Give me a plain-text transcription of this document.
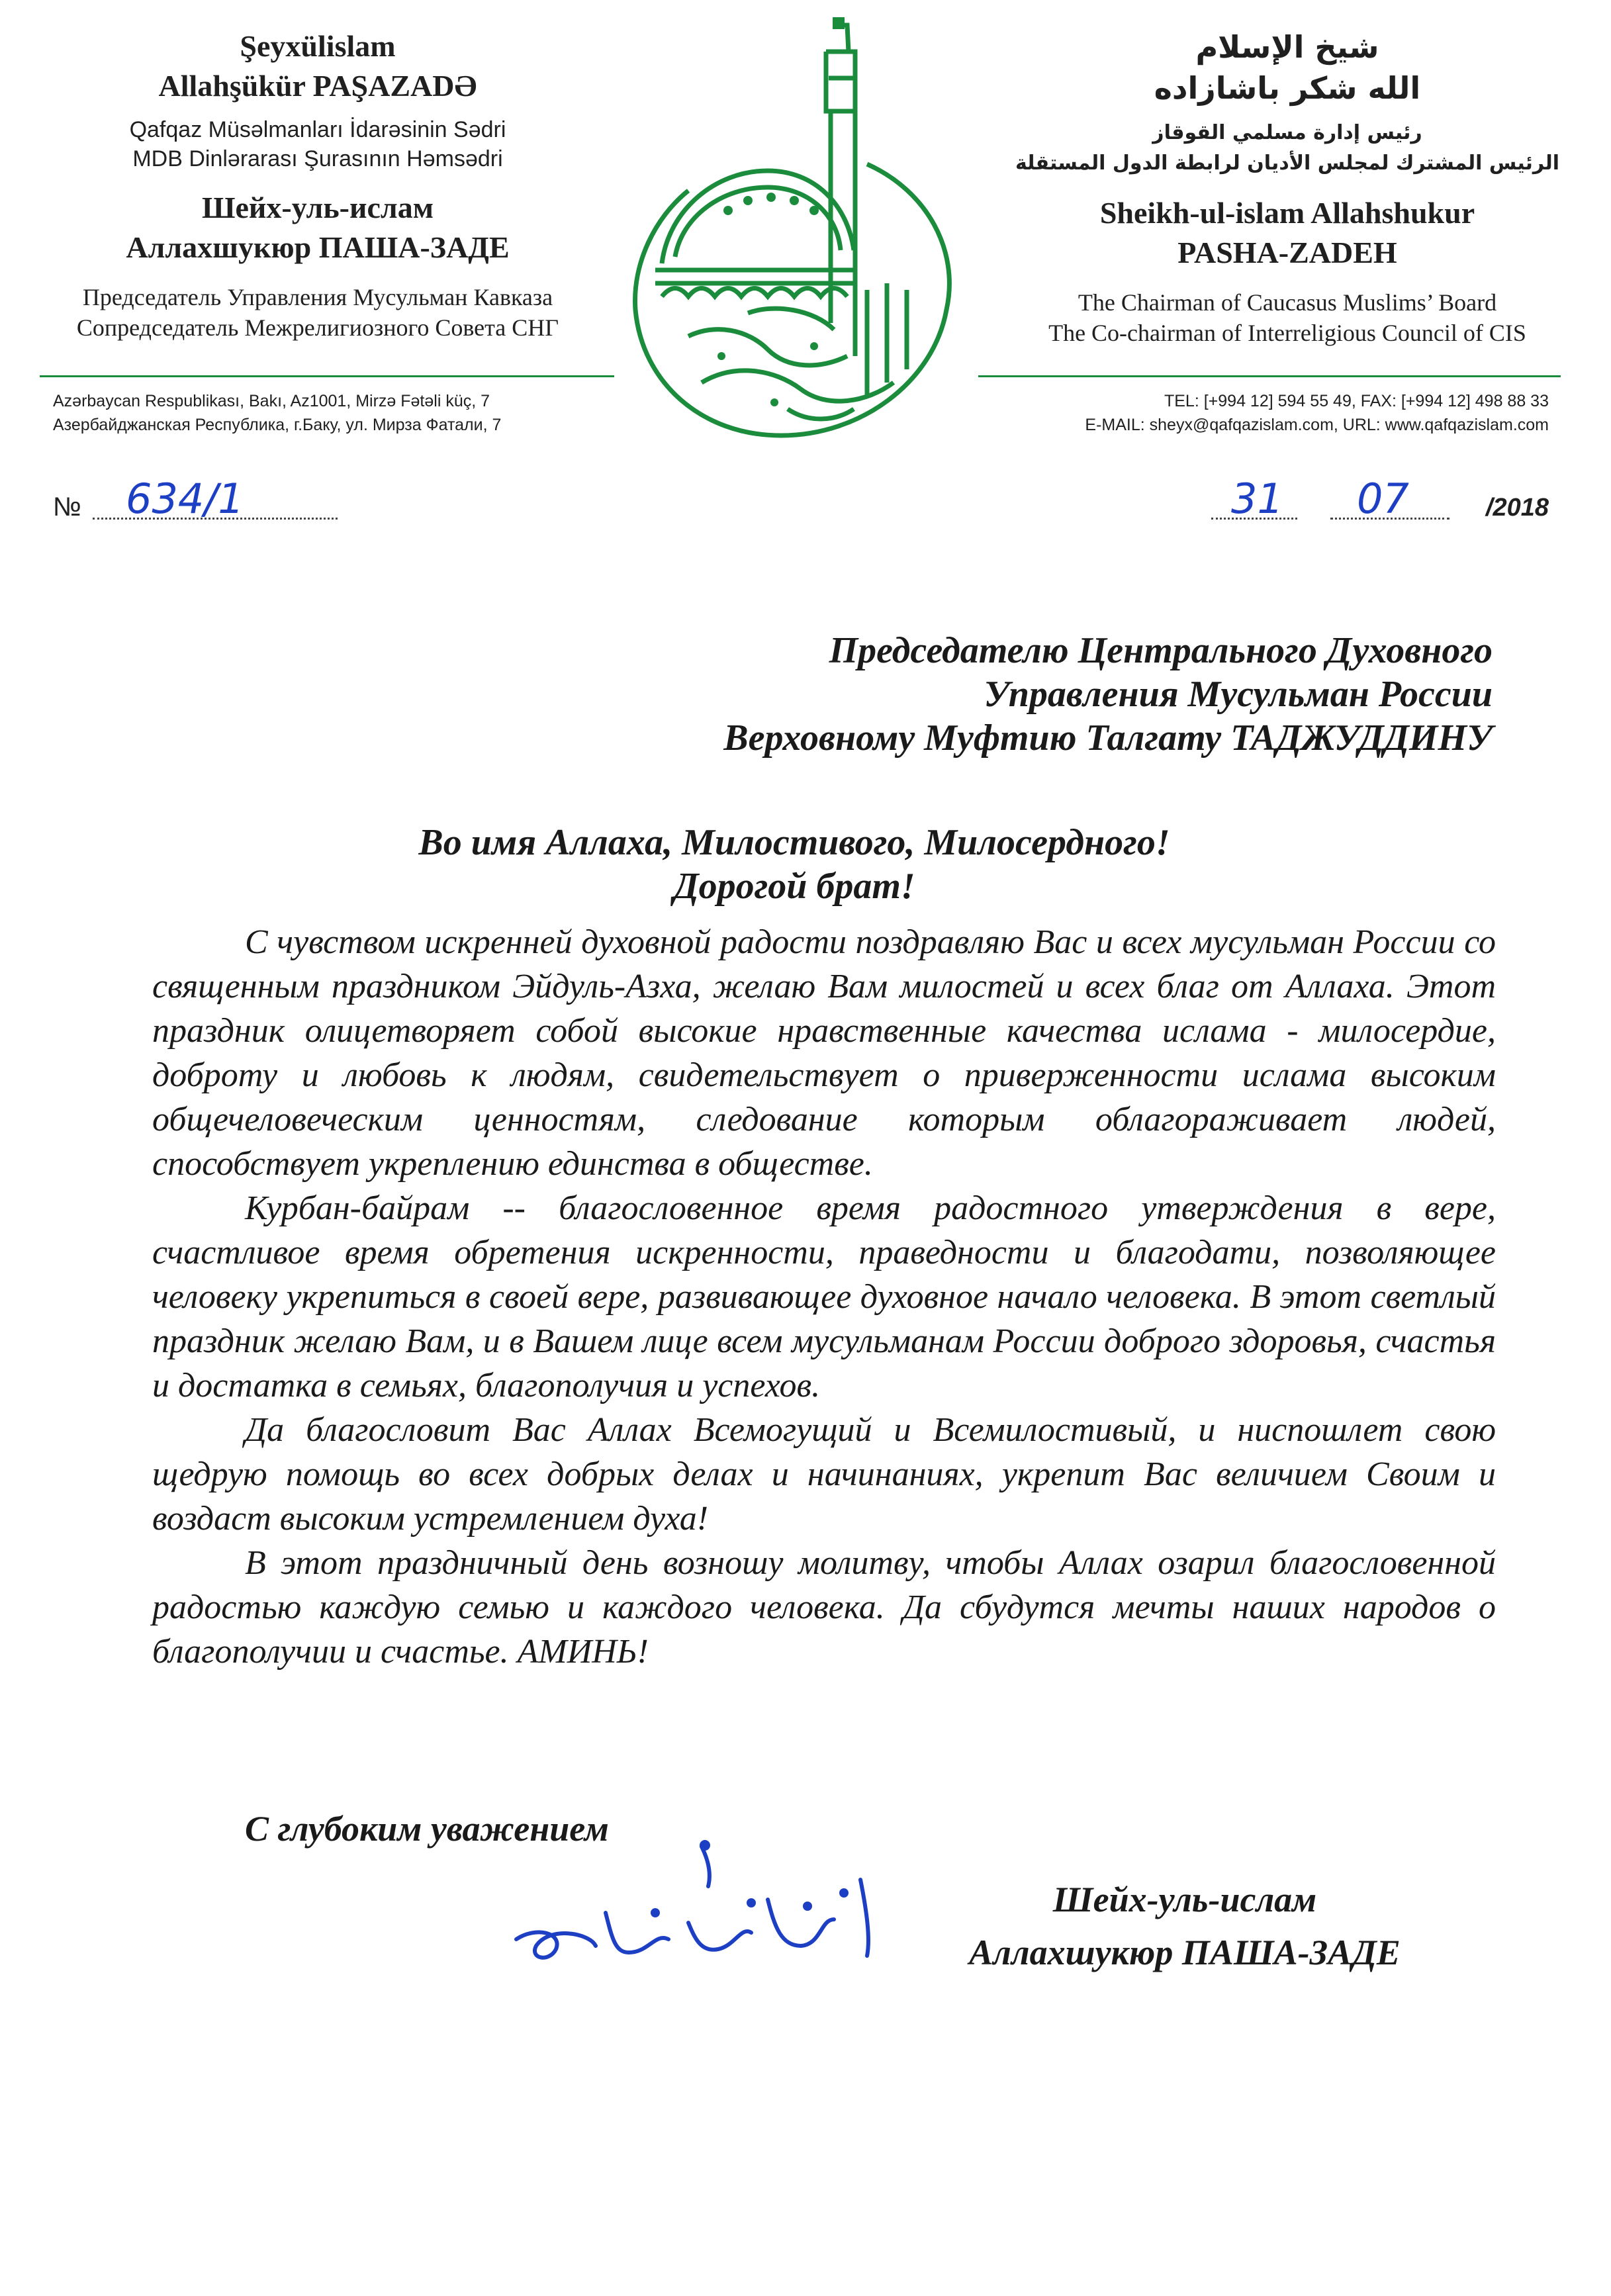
Şeyxülislam
Allahşükür PAŞAZADƏ
Qafqaz Müsəlmanları İdarəsinin Sədri
MDB Dinlərarası Şurasının Həmsədri
Шейх-уль-ислам
Аллахшукюр ПАША-ЗАДЕ
Председатель Управления Мусульман Кавказа
Сопредседатель Межрелигиозного Совета СНГ
شيخ الإسلام
الله شكر باشازاده
رئيس إدارة مسلمي القوقاز
الرئيس المشترك لمجلس الأديان لرابطة الدول المستقلة
Sheikh-ul-islam Allahshukur
PASHA-ZADEH
The Chairman of Caucasus Muslims’ Board
The Co-chairman of Interreligious Council of CIS
Azərbaycan Respublikası, Bakı, Az1001, Mirzə Fətəli küç, 7
Азербайджанская Республика, г.Баку, ул. Мирза Фатали, 7
TEL: [+994 12] 594 55 49, FAX: [+994 12] 498 88 33
E-MAIL: sheyx@qafqazislam.com, URL: www.qafqazislam.com
№ 634/1	31 07	/2018
Председателю Центрального Духовного
Управления Мусульман России
Верховному Муфтию Талгату ТАДЖУДДИНУ
Во имя Аллаха, Милостивого, Милосердного!
Дорогой брат!

С чувством искренней духовной радости поздравляю Вас и всех мусульман России со священным праздником Эйдуль-Азха, желаю Вам милостей и всех благ от Аллаха. Этот праздник олицетворяет собой высокие нравственные качества ислама - милосердие, доброту и любовь к людям, свидетельствует о приверженности ислама высоким общечеловеческим ценностям, следование которым облагораживает людей, способствует укреплению единства в обществе.

Курбан-байрам -- благословенное время радостного утверждения в вере, счастливое время обретения искренности, праведности и благодати, позволяющее человеку укрепиться в своей вере, развивающее духовное начало человека. В этот светлый праздник желаю Вам, и в Вашем лице всем мусульманам России доброго здоровья, счастья и достатка в семьях, благополучия и успехов.

Да благословит Вас Аллах Всемогущий и Всемилостивый, и ниспошлет свою щедрую помощь во всех добрых делах и начинаниях, укрепит Вас величием Своим и воздаст высоким устремлением духа!

В этот праздничный день возношу молитву, чтобы Аллах озарил благословенной радостью каждую семью и каждого человека. Да сбудутся мечты наших народов о благополучии и счастье. АМИНЬ!

С глубоким уважением
Шейх-уль-ислам
Аллахшукюр ПАША-ЗАДЕ
